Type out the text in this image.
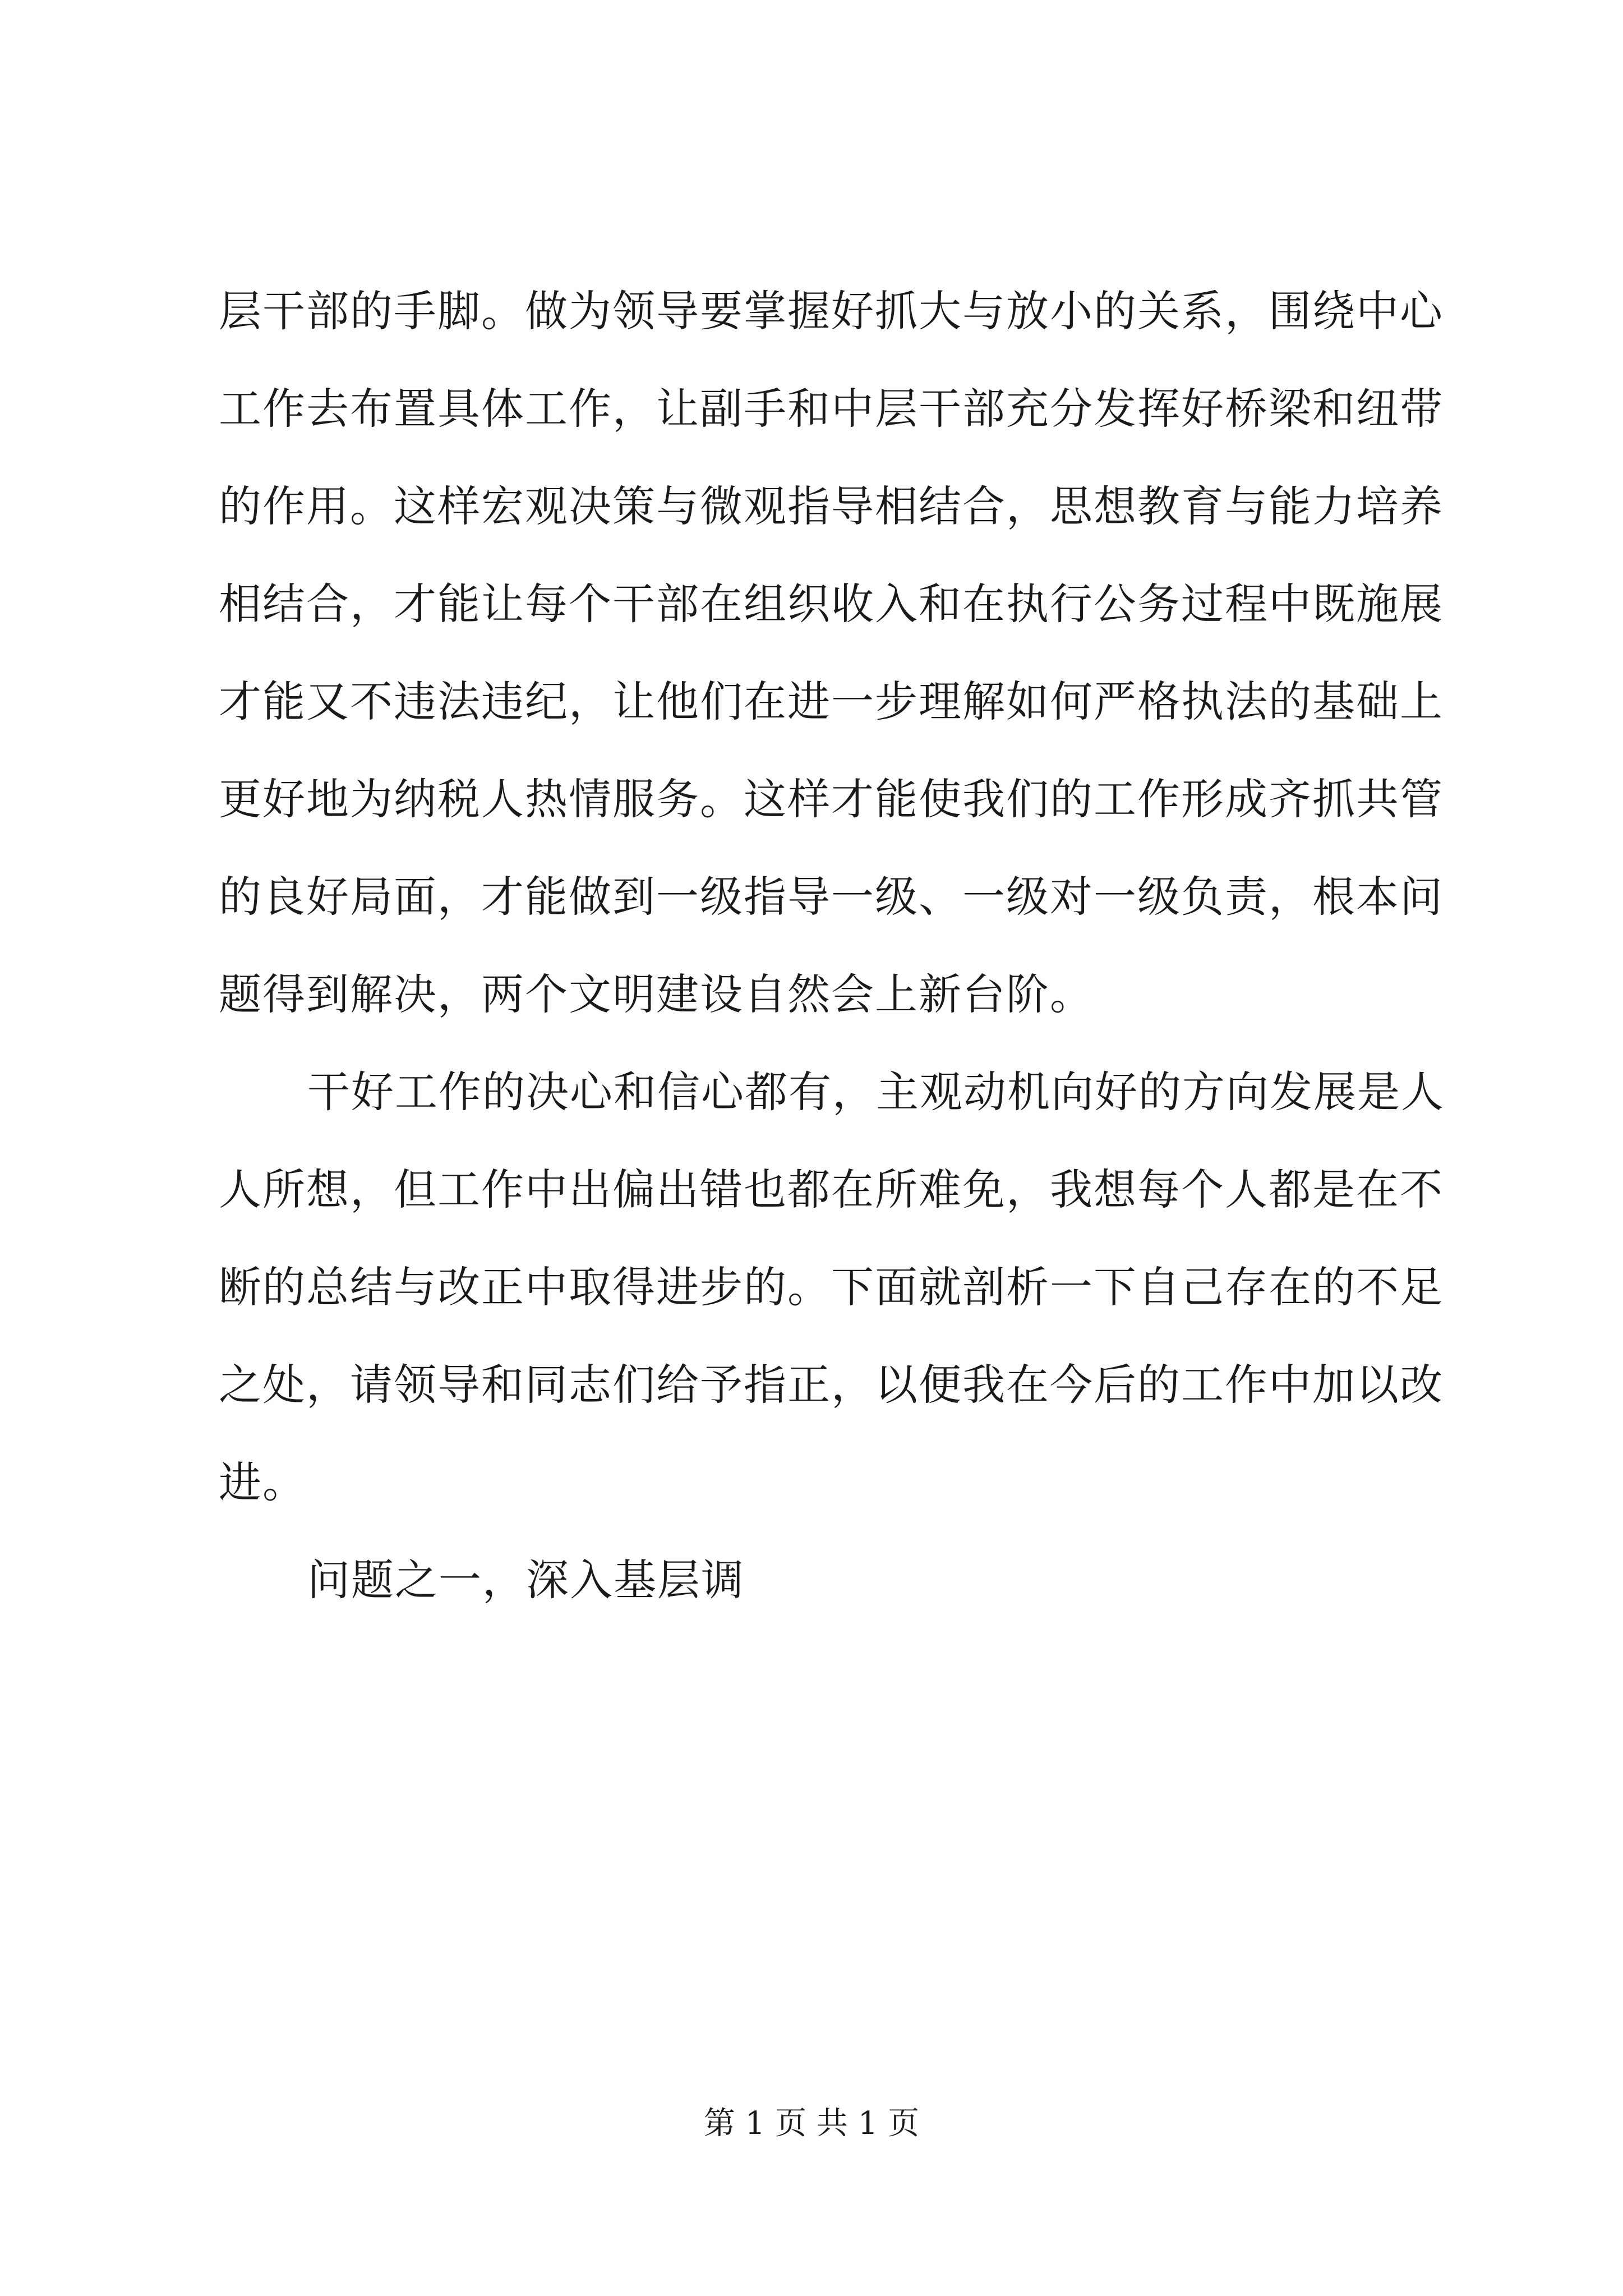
层干部的手脚。做为领导要掌握好抓大与放小的关系，围绕中心
工作去布置具体工作，让副手和中层干部充分发挥好桥梁和纽带
的作用。这样宏观决策与微观指导相结合，思想教育与能力培养
相结合，才能让每个干部在组织收入和在执行公务过程中既施展
才能又不违法违纪，让他们在进一步理解如何严格执法的基础上
更好地为纳税人热情服务。这样才能使我们的工作形成齐抓共管
的良好局面，才能做到一级指导一级、一级对一级负责，根本问
题得到解决，两个文明建设自然会上新台阶。
干好工作的决心和信心都有，主观动机向好的方向发展是人
人所想，但工作中出偏出错也都在所难免，我想每个人都是在不
断的总结与改正中取得进步的。下面就剖析一下自己存在的不足
之处，请领导和同志们给予指正，以便我在今后的工作中加以改
进。
问题之一，深入基层调
第 1 页 共 1 页
